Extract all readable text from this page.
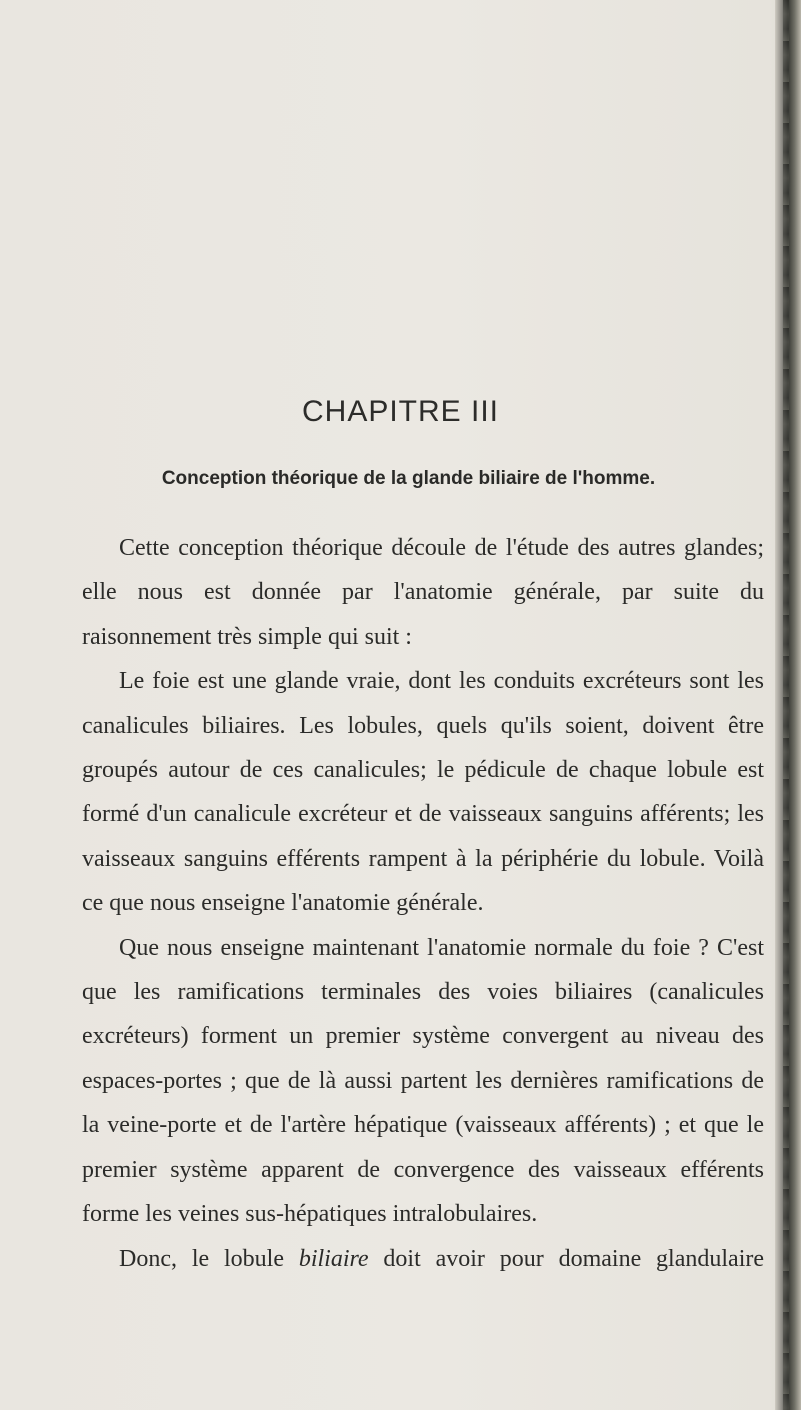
CHAPITRE III
Conception théorique de la glande biliaire de l'homme.

Cette conception théorique découle de l'étude des autres glandes; elle nous est donnée par l'anatomie générale, par suite du raisonnement très simple qui suit :

Le foie est une glande vraie, dont les conduits excréteurs sont les canalicules biliaires. Les lobules, quels qu'ils soient, doivent être groupés autour de ces canalicules; le pédicule de chaque lobule est formé d'un canalicule excréteur et de vaisseaux sanguins afférents; les vaisseaux sanguins efférents rampent à la périphérie du lobule. Voilà ce que nous enseigne l'anatomie générale.

Que nous enseigne maintenant l'anatomie normale du foie ? C'est que les ramifications terminales des voies biliaires (canalicules excréteurs) forment un premier système convergent au niveau des espaces-portes ; que de là aussi partent les dernières ramifications de la veine-porte et de l'artère hépatique (vaisseaux afférents) ; et que le premier système apparent de convergence des vaisseaux efférents forme les veines sus-hépatiques intralobulaires.

Donc, le lobule biliaire doit avoir pour domaine glandulaire
